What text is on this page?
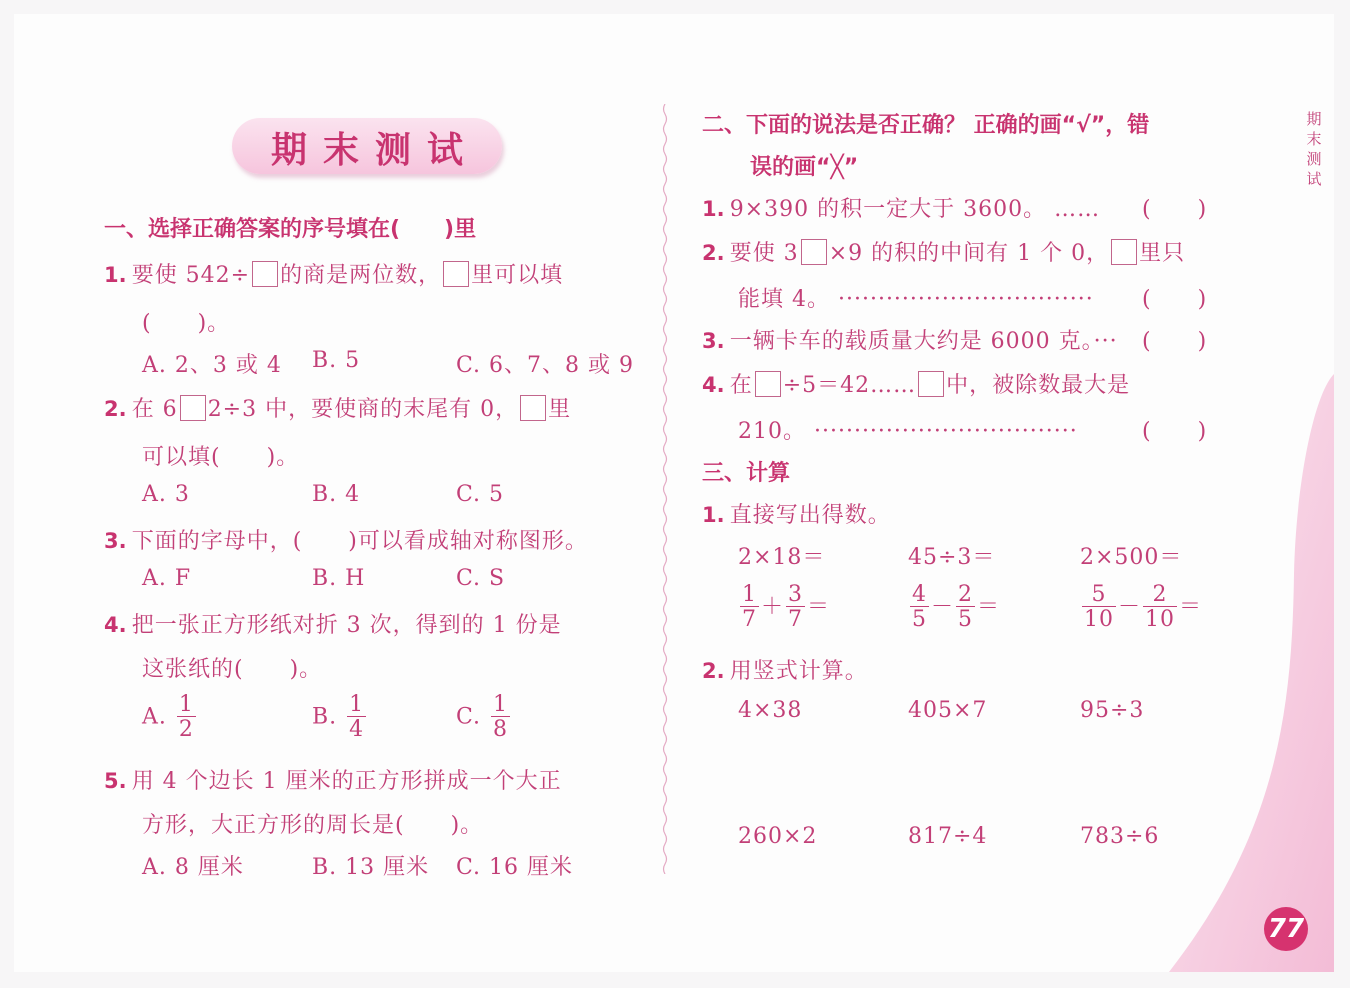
期末测试
期
末
测
试
一、选择正确答案的序号填在(　　)里
1. 要使 542÷ 的商是两位数， 里可以填
(　　)。
A. 2、3 或 4 B. 5	C. 6、7、8 或 9
2. 在 6 2÷3 中，要使商的末尾有 0， 里
可以填(　　)。
A. 3	B. 4	C. 5
3. 下面的字母中，(　　)可以看成轴对称图形。
A. F	B. H	C. S
4. 把一张正方形纸对折 3 次，得到的 1 份是
这张纸的(　　)。
A. $\frac{1}{2}$	B. $\frac{1}{4}$	C. $\frac{1}{8}$
5. 用 4 个边长 1 厘米的正方形拼成一个大正
方形，大正方形的周长是(　　)。
A. 8 厘米	B. 13 厘米 C. 16 厘米
二、下面的说法是否正确？ 正确的画“√”，错
误的画“╳”
1. 9×390 的积一定大于 3600。 …… (　　)
2. 要使 3 ×9 的积的中间有 1 个 0， 里只
能填 4。 ································ (　　)
3. 一辆卡车的载质量大约是 6000 克。··· (　　)
4. 在 ÷5＝42…… 中，被除数最大是
210。 ·································	(　　)
三、计算
1. 直接写出得数。
2×18＝	45÷3＝	2×500＝
$\frac{1}{7} + \frac{3}{7}$ ＝	$\frac{4}{5} - \frac{2}{5}$ ＝	$\frac{5}{10} - \frac{2}{10}$ ＝
2. 用竖式计算。
4×38	405×7	95÷3
260×2	817÷4	783÷6
77
